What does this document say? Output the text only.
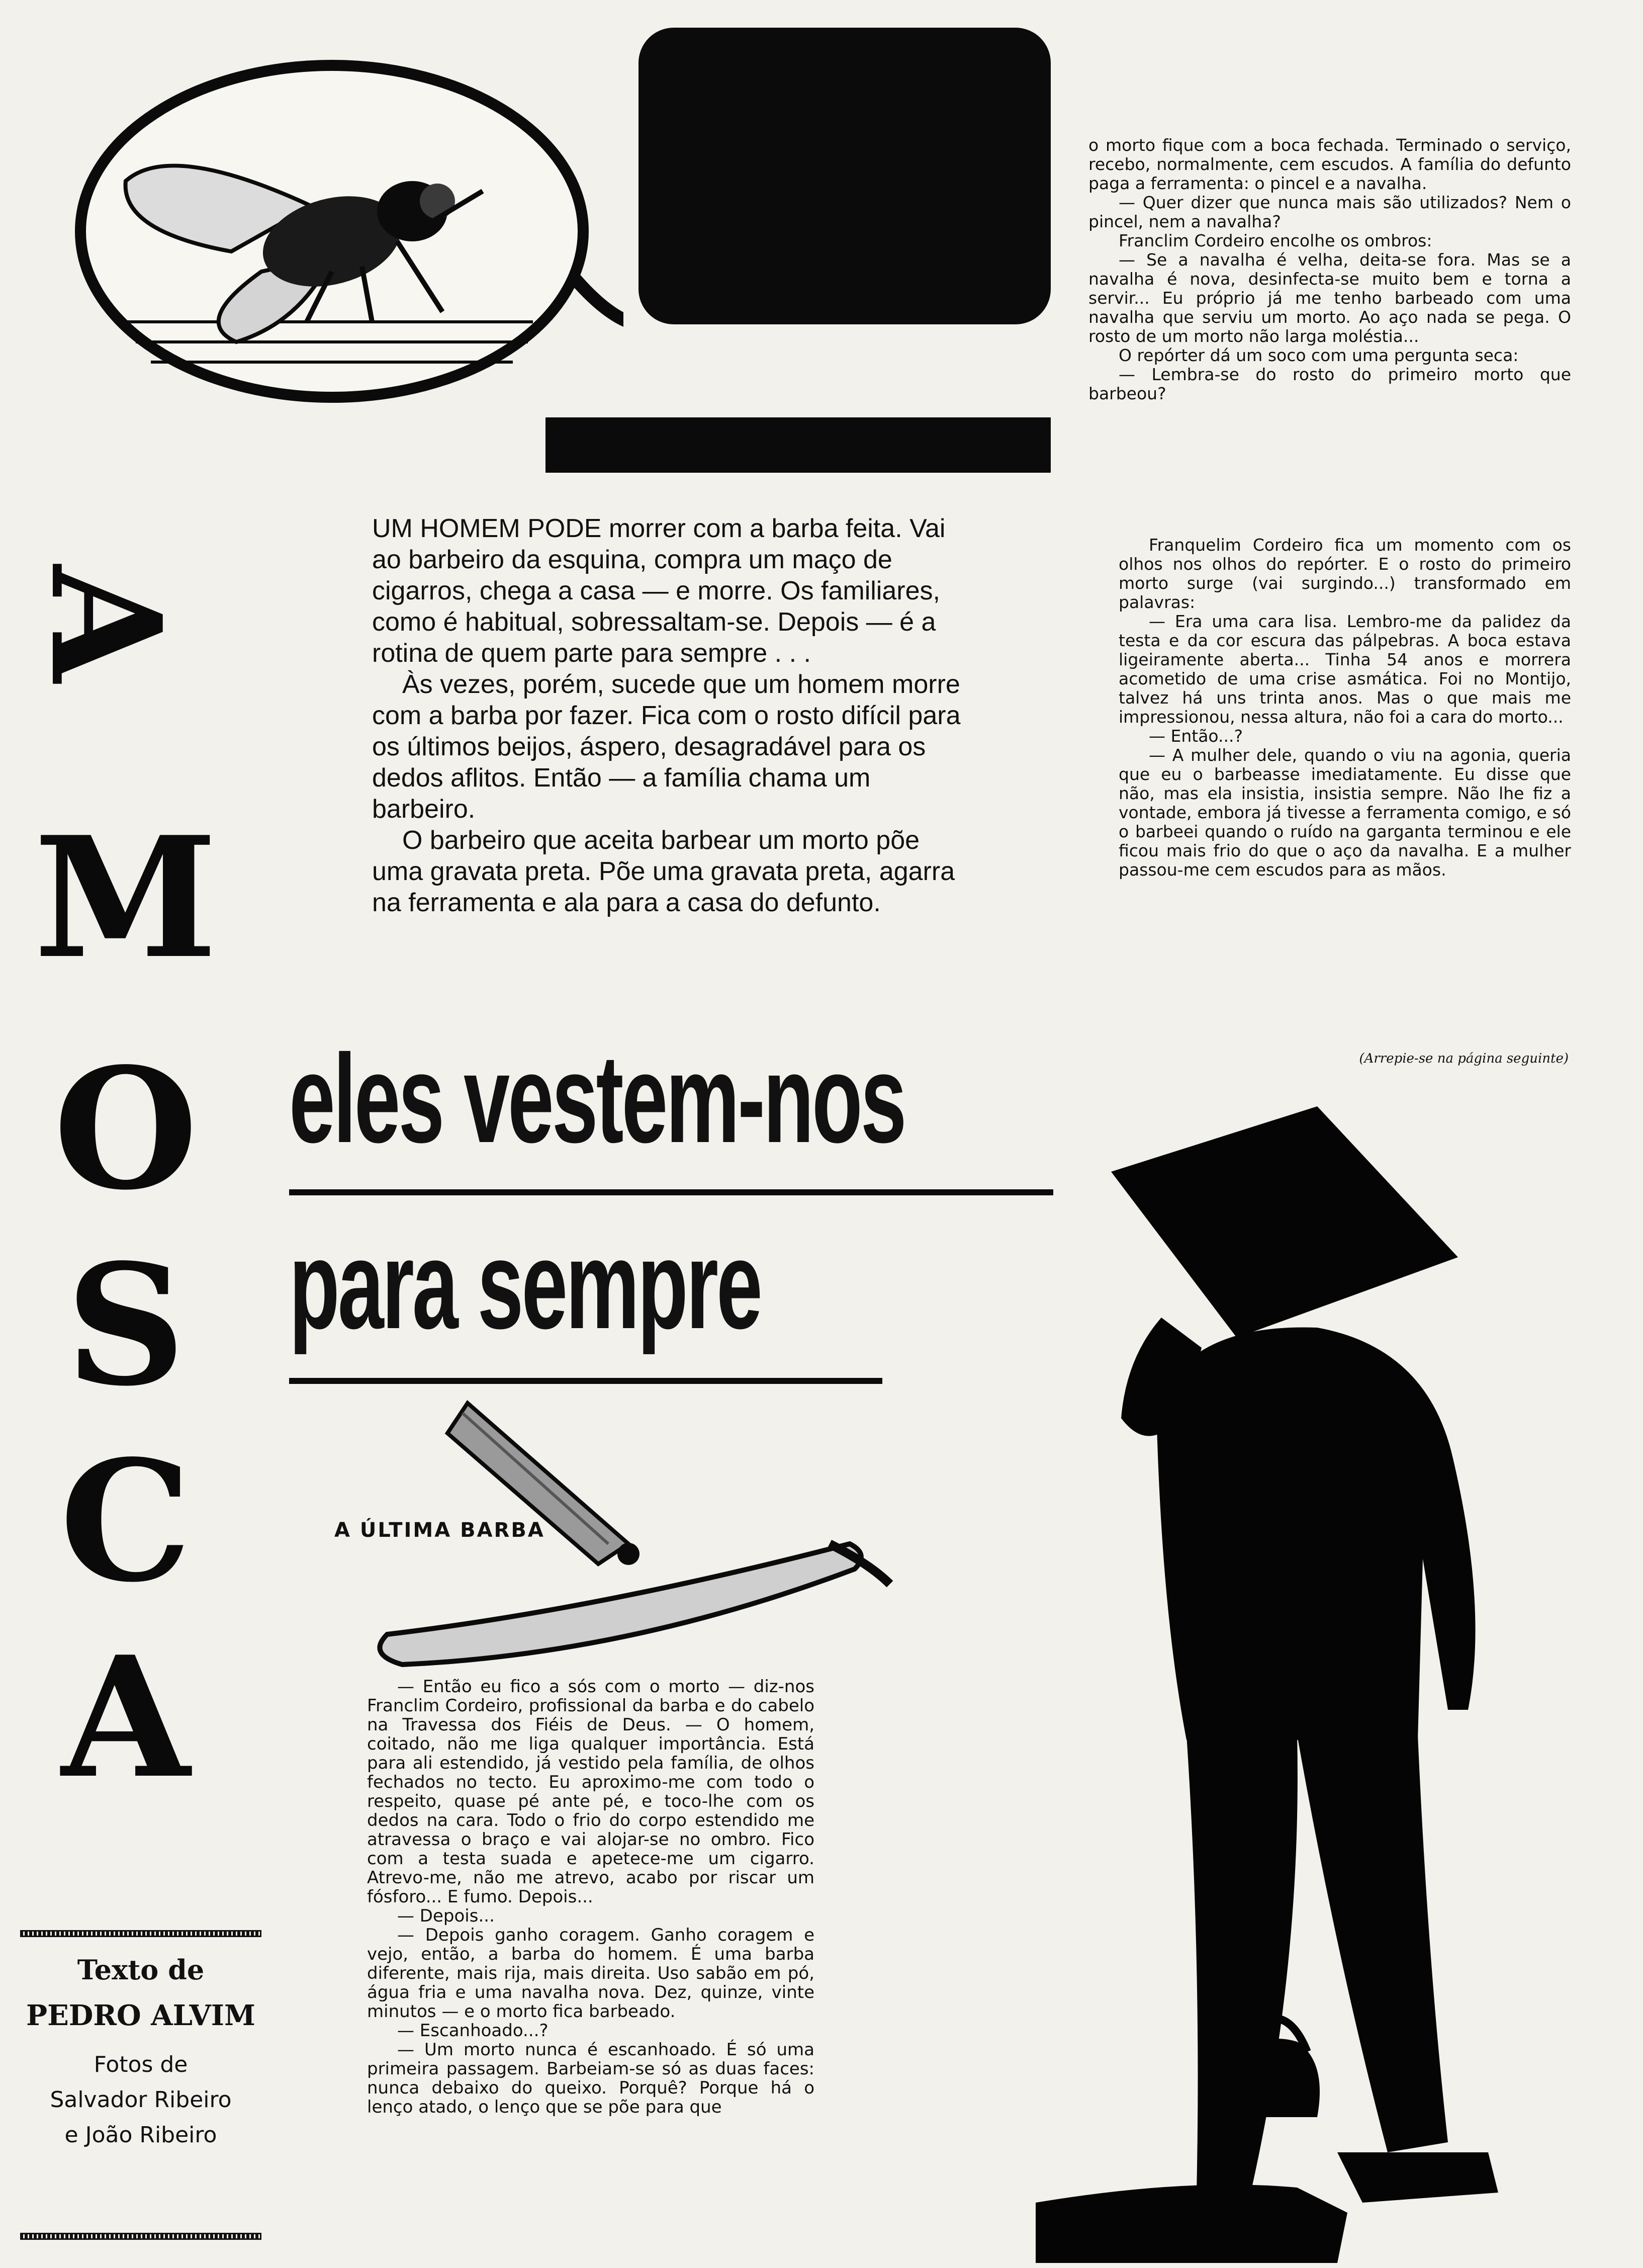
o morto fique com a boca fechada. Terminado o serviço, recebo, normalmente, cem escudos. A família do defunto paga a ferramenta: o pincel e a navalha.

— Quer dizer que nunca mais são utilizados? Nem o pincel, nem a navalha?

Franclim Cordeiro encolhe os ombros:

— Se a navalha é velha, deita-se fora. Mas se a navalha é nova, desinfecta-se muito bem e torna a servir... Eu próprio já me tenho barbeado com uma navalha que serviu um morto. Ao aço nada se pega. O rosto de um morto não larga moléstia...

O repórter dá um soco com uma pergunta seca:

— Lembra-se do rosto do primeiro morto que barbeou?

Franquelim Cordeiro fica um momento com os olhos nos olhos do repórter. E o rosto do primeiro morto surge (vai surgindo...) transformado em palavras:

— Era uma cara lisa. Lembro-me da palidez da testa e da cor escura das pálpebras. A boca estava ligeiramente aberta... Tinha 54 anos e morrera acometido de uma crise asmática. Foi no Montijo, talvez há uns trinta anos. Mas o que mais me impressionou, nessa altura, não foi a cara do morto...

— Então...?

— A mulher dele, quando o viu na agonia, queria que eu o barbeasse imediatamente. Eu disse que não, mas ela insistia, insistia sempre. Não lhe fiz a vontade, embora já tivesse a ferramenta comigo, e só o barbeei quando o ruído na garganta terminou e ele ficou mais frio do que o aço da navalha. E a mulher passou-me cem escudos para as mãos.

(Arrepie-se na página seguinte)

UM HOMEM PODE morrer com a barba feita. Vai ao barbeiro da esquina, compra um maço de cigarros, chega a casa — e morre. Os familiares, como é habitual, sobressaltam-se. Depois — é a rotina de quem parte para sempre . . .

Às vezes, porém, sucede que um homem morre com a barba por fazer. Fica com o rosto difícil para os últimos beijos, áspero, desagradável para os dedos aflitos. Então — a família chama um barbeiro.

O barbeiro que aceita barbear um morto põe uma gravata preta. Põe uma gravata preta, agarra na ferramenta e ala para a casa do defunto.

A
M
O
S
C
A
eles vestem-nos
para sempre
A ÚLTIMA BARBA

— Então eu fico a sós com o morto — diz-nos Franclim Cordeiro, profissional da barba e do cabelo na Travessa dos Fiéis de Deus. — O homem, coitado, não me liga qualquer importância. Está para ali estendido, já vestido pela família, de olhos fechados no tecto. Eu aproximo-me com todo o respeito, quase pé ante pé, e toco-lhe com os dedos na cara. Todo o frio do corpo estendido me atravessa o braço e vai alojar-se no ombro. Fico com a testa suada e apetece-me um cigarro. Atrevo-me, não me atrevo, acabo por riscar um fósforo... E fumo. Depois...

— Depois...

— Depois ganho coragem. Ganho coragem e vejo, então, a barba do homem. É uma barba diferente, mais rija, mais direita. Uso sabão em pó, água fria e uma navalha nova. Dez, quinze, vinte minutos — e o morto fica barbeado.

— Escanhoado...?

— Um morto nunca é escanhoado. É só uma primeira passagem. Barbeiam-se só as duas faces: nunca debaixo do queixo. Porquê? Porque há o lenço atado, o lenço que se põe para que

Texto de
PEDRO ALVIM
Fotos de
Salvador Ribeiro
e João Ribeiro
